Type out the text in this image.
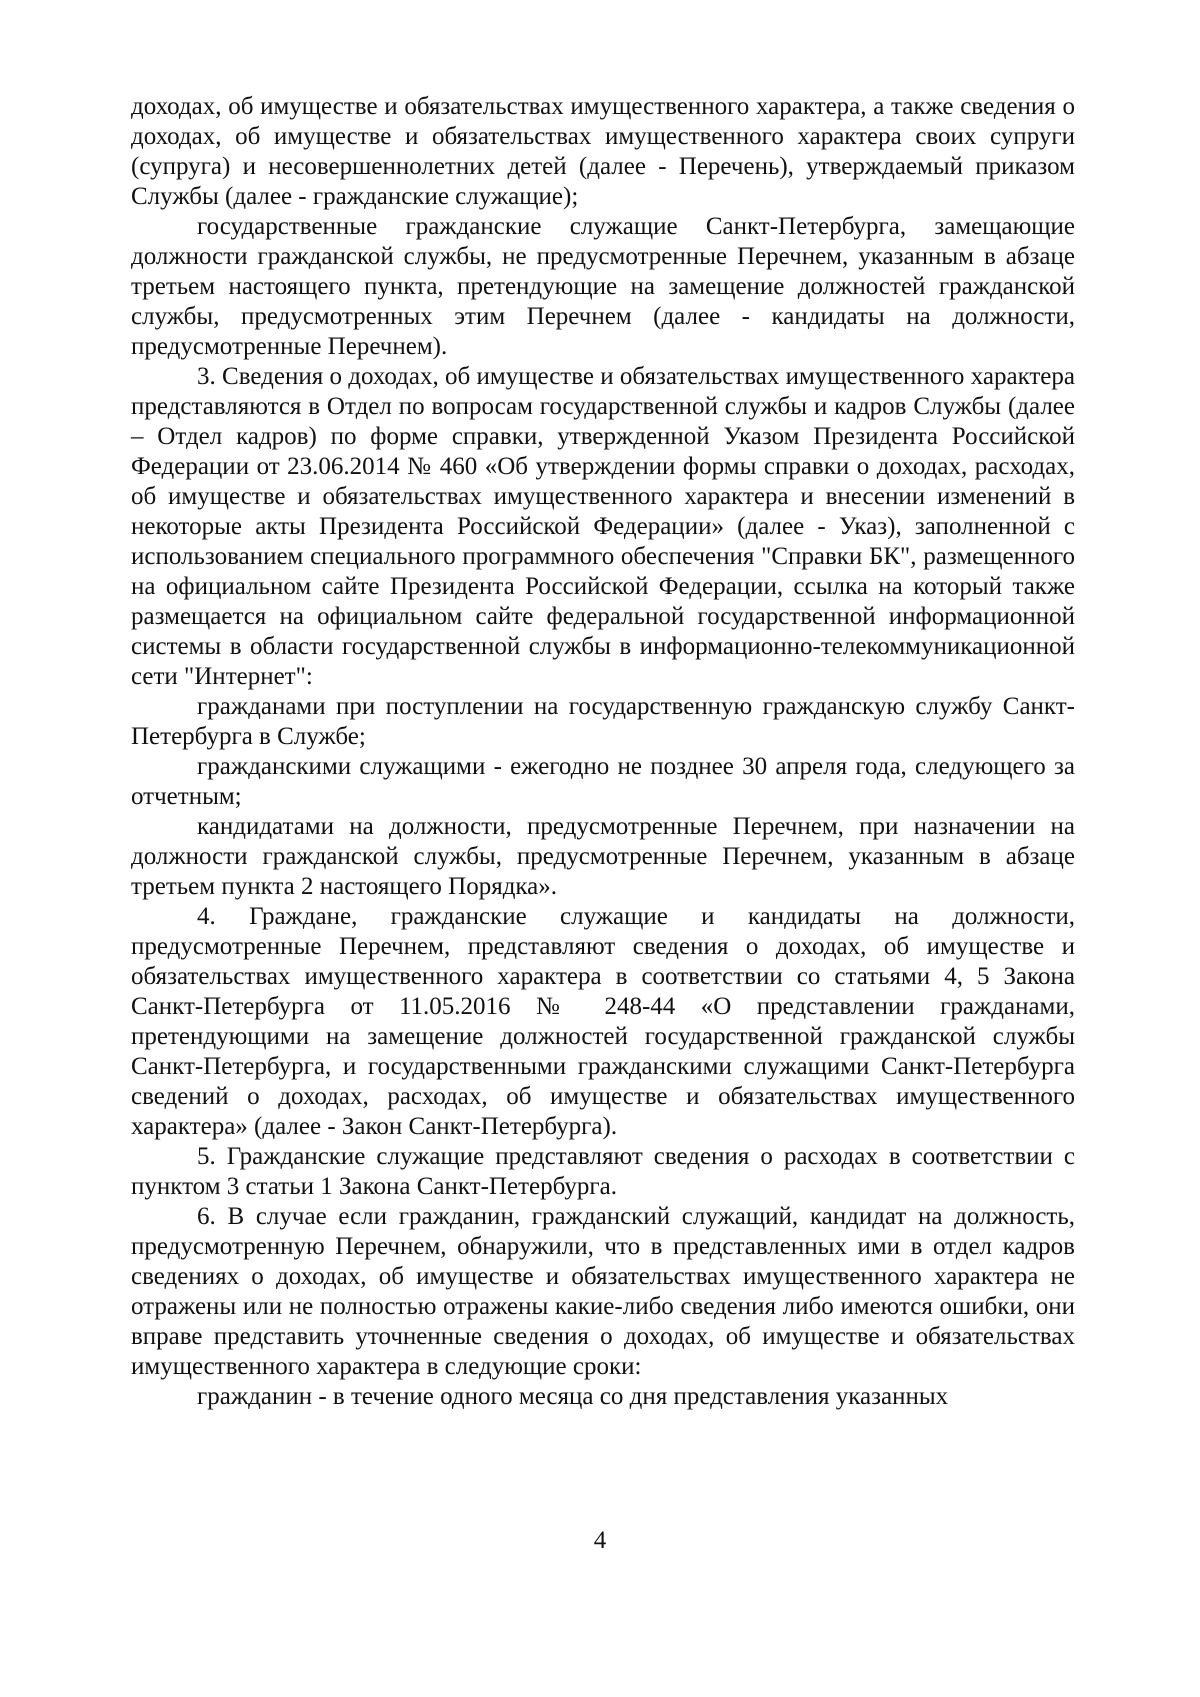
доходах, об имуществе и обязательствах имущественного характера, а также сведения о доходах, об имуществе и обязательствах имущественного характера своих супруги (супруга) и несовершеннолетних детей (далее - Перечень), утверждаемый приказом Службы (далее - гражданские служащие);

государственные гражданские служащие Санкт-Петербурга, замещающие должности гражданской службы, не предусмотренные Перечнем, указанным в абзаце третьем настоящего пункта, претендующие на замещение должностей гражданской службы, предусмотренных этим Перечнем (далее - кандидаты на должности, предусмотренные Перечнем).

3. Сведения о доходах, об имуществе и обязательствах имущественного характера представляются в Отдел по вопросам государственной службы и кадров Службы (далее – Отдел кадров) по форме справки, утвержденной Указом Президента Российской Федерации от 23.06.2014 № 460 «Об утверждении формы справки о доходах, расходах, об имуществе и обязательствах имущественного характера и внесении изменений в некоторые акты Президента Российской Федерации» (далее - Указ), заполненной с использованием специального программного обеспечения "Справки БК", размещенного на официальном сайте Президента Российской Федерации, ссылка на который также размещается на официальном сайте федеральной государственной информационной системы в области государственной службы в информационно-телекоммуникационной сети "Интернет":

гражданами при поступлении на государственную гражданскую службу Санкт-Петербурга в Службе;

гражданскими служащими - ежегодно не позднее 30 апреля года, следующего за отчетным;

кандидатами на должности, предусмотренные Перечнем, при назначении на должности гражданской службы, предусмотренные Перечнем, указанным в абзаце третьем пункта 2 настоящего Порядка».

4. Граждане, гражданские служащие и кандидаты на должности, предусмотренные Перечнем, представляют сведения о доходах, об имуществе и обязательствах имущественного характера в соответствии со статьями 4, 5 Закона Санкт-Петербурга от 11.05.2016 № 248-44 «О представлении гражданами, претендующими на замещение должностей государственной гражданской службы Санкт-Петербурга, и государственными гражданскими служащими Санкт-Петербурга сведений о доходах, расходах, об имуществе и обязательствах имущественного характера» (далее - Закон Санкт-Петербурга).

5. Гражданские служащие представляют сведения о расходах в соответствии с пунктом 3 статьи 1 Закона Санкт-Петербурга.

6. В случае если гражданин, гражданский служащий, кандидат на должность, предусмотренную Перечнем, обнаружили, что в представленных ими в отдел кадров сведениях о доходах, об имуществе и обязательствах имущественного характера не отражены или не полностью отражены какие-либо сведения либо имеются ошибки, они вправе представить уточненные сведения о доходах, об имуществе и обязательствах имущественного характера в следующие сроки:

гражданин - в течение одного месяца со дня представления указанных

4
